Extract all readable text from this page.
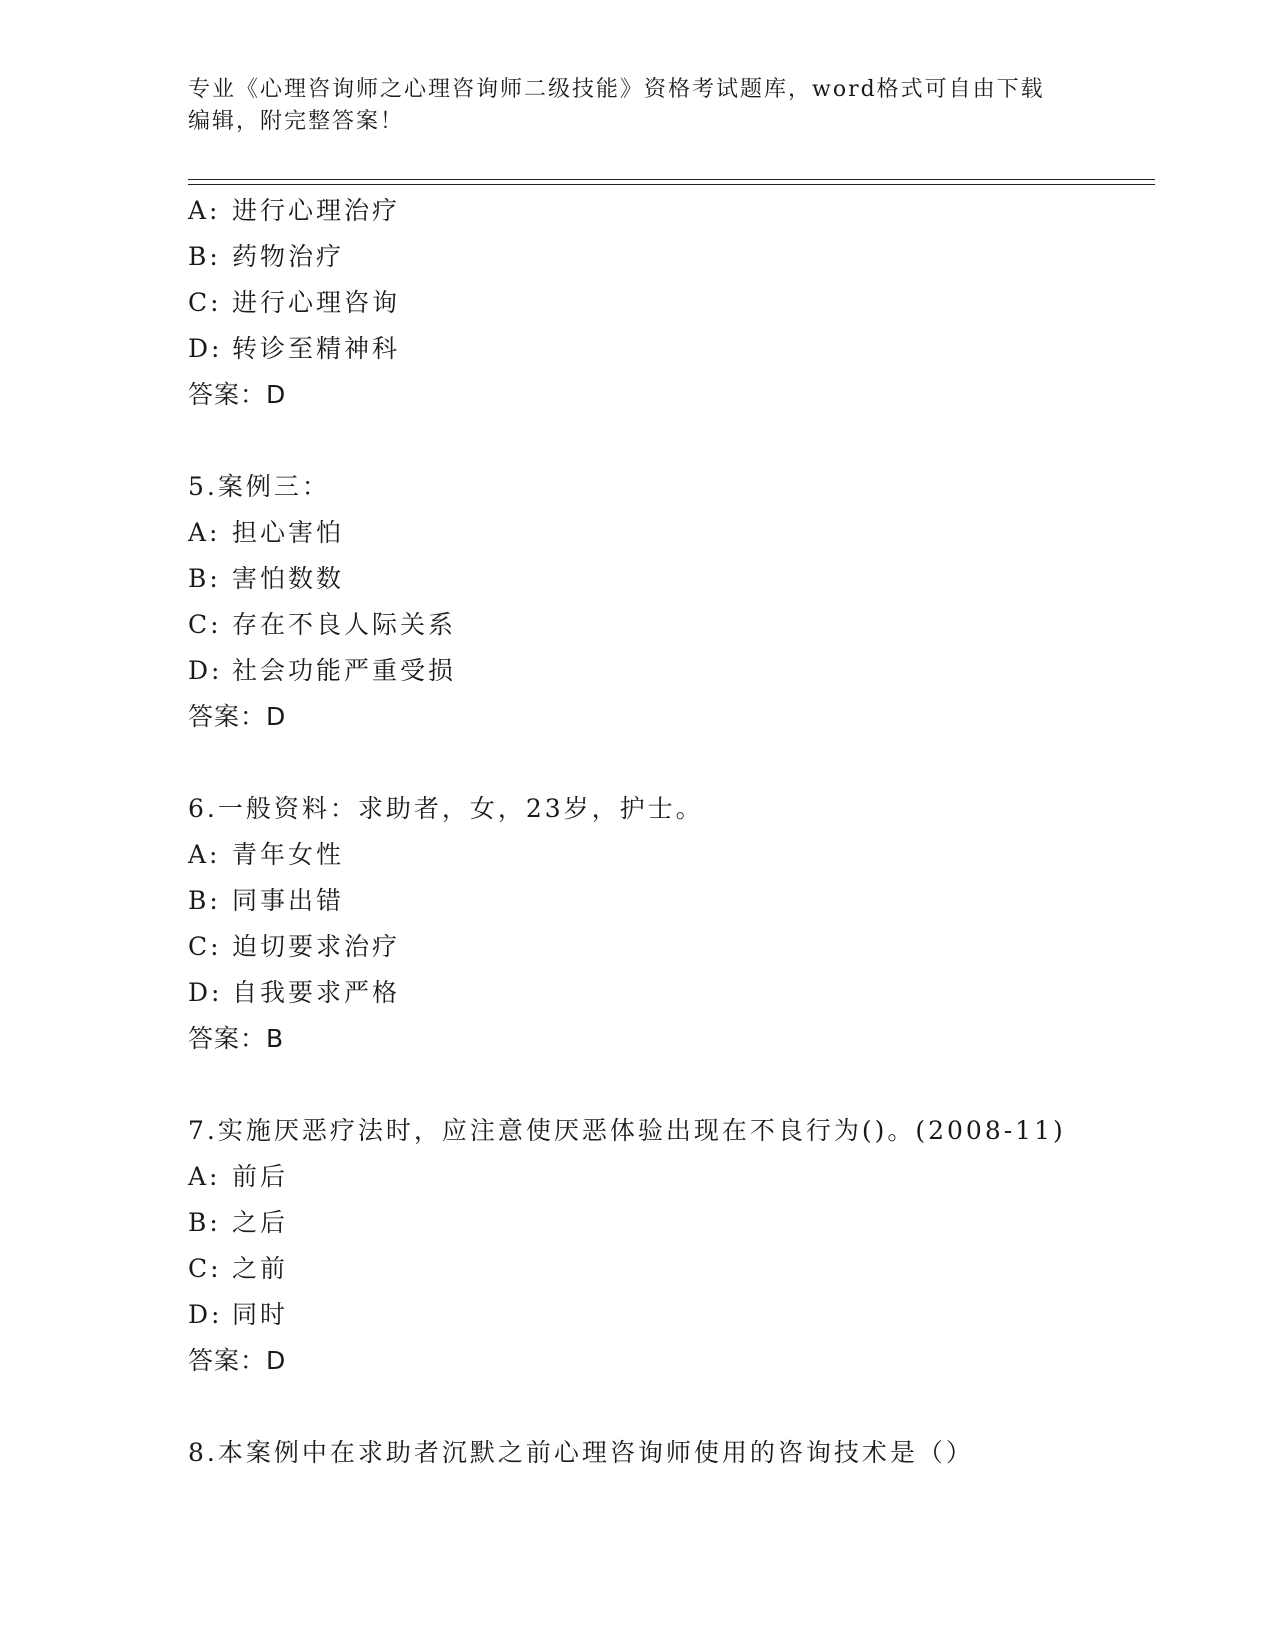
专业《心理咨询师之心理咨询师二级技能》资格考试题库，word格式可自由下载
编辑，附完整答案！
A: 进行心理治疗
B: 药物治疗
C: 进行心理咨询
D: 转诊至精神科
答案：D
5.案例三：
A: 担心害怕
B: 害怕数数
C: 存在不良人际关系
D: 社会功能严重受损
答案：D
6.一般资料：求助者，女，23岁，护士。
A: 青年女性
B: 同事出错
C: 迫切要求治疗
D: 自我要求严格
答案：B
7.实施厌恶疗法时，应注意使厌恶体验出现在不良行为()。(2008-11)
A: 前后
B: 之后
C: 之前
D: 同时
答案：D
8.本案例中在求助者沉默之前心理咨询师使用的咨询技术是（）
